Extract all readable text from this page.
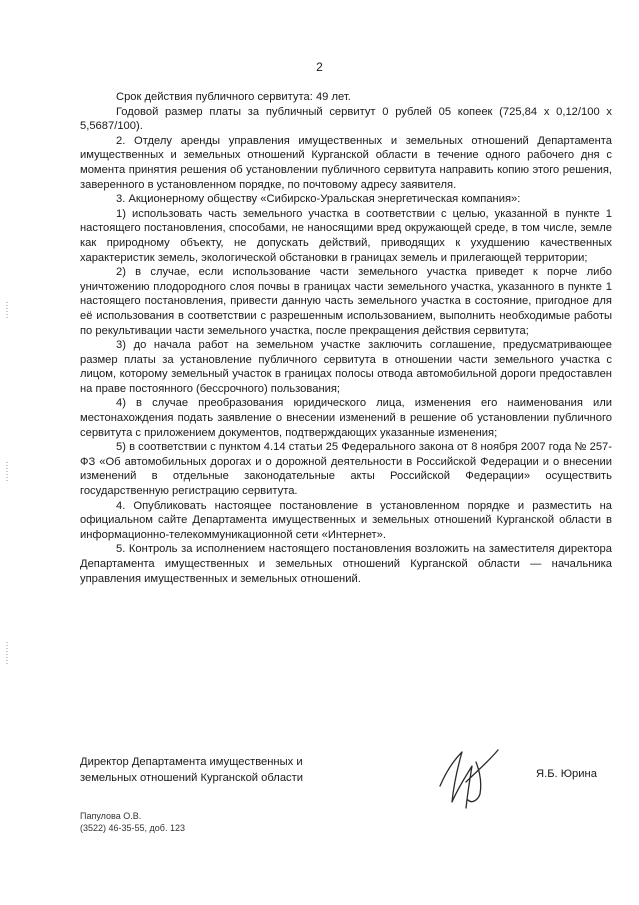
2

Срок действия публичного сервитута: 49 лет.

Годовой размер платы за публичный сервитут 0 рублей 05 копеек (725,84 x 0,12/100 x 5,5687/100).

2. Отделу аренды управления имущественных и земельных отношений Департамента имущественных и земельных отношений Курганской области в течение одного рабочего дня с момента принятия решения об установлении публичного сервитута направить копию этого решения, заверенного в установленном порядке, по почтовому адресу заявителя.

3. Акционерному обществу «Сибирско-Уральская энергетическая компания»:

1) использовать часть земельного участка в соответствии с целью, указанной в пункте 1 настоящего постановления, способами, не наносящими вред окружающей среде, в том числе, земле как природному объекту, не допускать действий, приводящих к ухудшению качественных характеристик земель, экологической обстановки в границах земель и прилегающей территории;

2) в случае, если использование части земельного участка приведет к порче либо уничтожению плодородного слоя почвы в границах части земельного участка, указанного в пункте 1 настоящего постановления, привести данную часть земельного участка в состояние, пригодное для её использования в соответствии с разрешенным использованием, выполнить необходимые работы по рекультивации части земельного участка, после прекращения действия сервитута;

3) до начала работ на земельном участке заключить соглашение, предусматривающее размер платы за установление публичного сервитута в отношении части земельного участка с лицом, которому земельный участок в границах полосы отвода автомобильной дороги предоставлен на праве постоянного (бессрочного) пользования;

4) в случае преобразования юридического лица, изменения его наименования или местонахождения подать заявление о внесении изменений в решение об установлении публичного сервитута с приложением документов, подтверждающих указанные изменения;

5) в соответствии с пунктом 4.14 статьи 25 Федерального закона от 8 ноября 2007 года № 257-ФЗ «Об автомобильных дорогах и о дорожной деятельности в Российской Федерации и о внесении изменений в отдельные законодательные акты Российской Федерации» осуществить государственную регистрацию сервитута.

4. Опубликовать настоящее постановление в установленном порядке и разместить на официальном сайте Департамента имущественных и земельных отношений Курганской области в информационно-телекоммуникационной сети «Интернет».

5. Контроль за исполнением настоящего постановления возложить на заместителя директора Департамента имущественных и земельных отношений Курганской области — начальника управления имущественных и земельных отношений.

Директор Департамента имущественных и
земельных отношений Курганской области	Я.Б. Юрина
Папулова О.В.
(3522) 46-35-55, доб. 123
